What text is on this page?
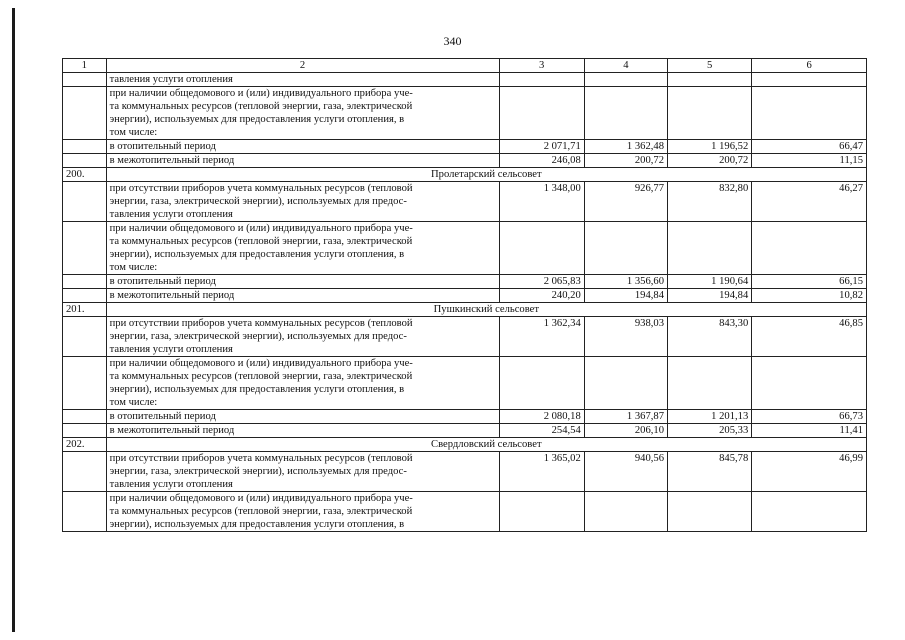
340
1	2	3	4	5	6
	тавления услуги отопления				
	при наличии общедомового и (или) индивидуального прибора уче-
та коммунальных ресурсов (тепловой энергии, газа, электрической
энергии), используемых для предоставления услуги отопления, в
том числе:				
	в отопительный период	2 071,71	1 362,48	1 196,52	66,47
	в межотопительный период	246,08	200,72	200,72	11,15
200.	Пролетарский сельсовет				
	при отсутствии приборов учета коммунальных ресурсов (тепловой
энергии, газа, электрической энергии), используемых для предос-
тавления услуги отопления	1 348,00	926,77	832,80	46,27
	при наличии общедомового и (или) индивидуального прибора уче-
та коммунальных ресурсов (тепловой энергии, газа, электрической
энергии), используемых для предоставления услуги отопления, в
том числе:				
	в отопительный период	2 065,83	1 356,60	1 190,64	66,15
	в межотопительный период	240,20	194,84	194,84	10,82
201.	Пушкинский сельсовет				
	при отсутствии приборов учета коммунальных ресурсов (тепловой
энергии, газа, электрической энергии), используемых для предос-
тавления услуги отопления	1 362,34	938,03	843,30	46,85
	при наличии общедомового и (или) индивидуального прибора уче-
та коммунальных ресурсов (тепловой энергии, газа, электрической
энергии), используемых для предоставления услуги отопления, в
том числе:				
	в отопительный период	2 080,18	1 367,87	1 201,13	66,73
	в межотопительный период	254,54	206,10	205,33	11,41
202.	Свердловский сельсовет				
	при отсутствии приборов учета коммунальных ресурсов (тепловой
энергии, газа, электрической энергии), используемых для предос-
тавления услуги отопления	1 365,02	940,56	845,78	46,99
	при наличии общедомового и (или) индивидуального прибора уче-
та коммунальных ресурсов (тепловой энергии, газа, электрической
энергии), используемых для предоставления услуги отопления, в				
